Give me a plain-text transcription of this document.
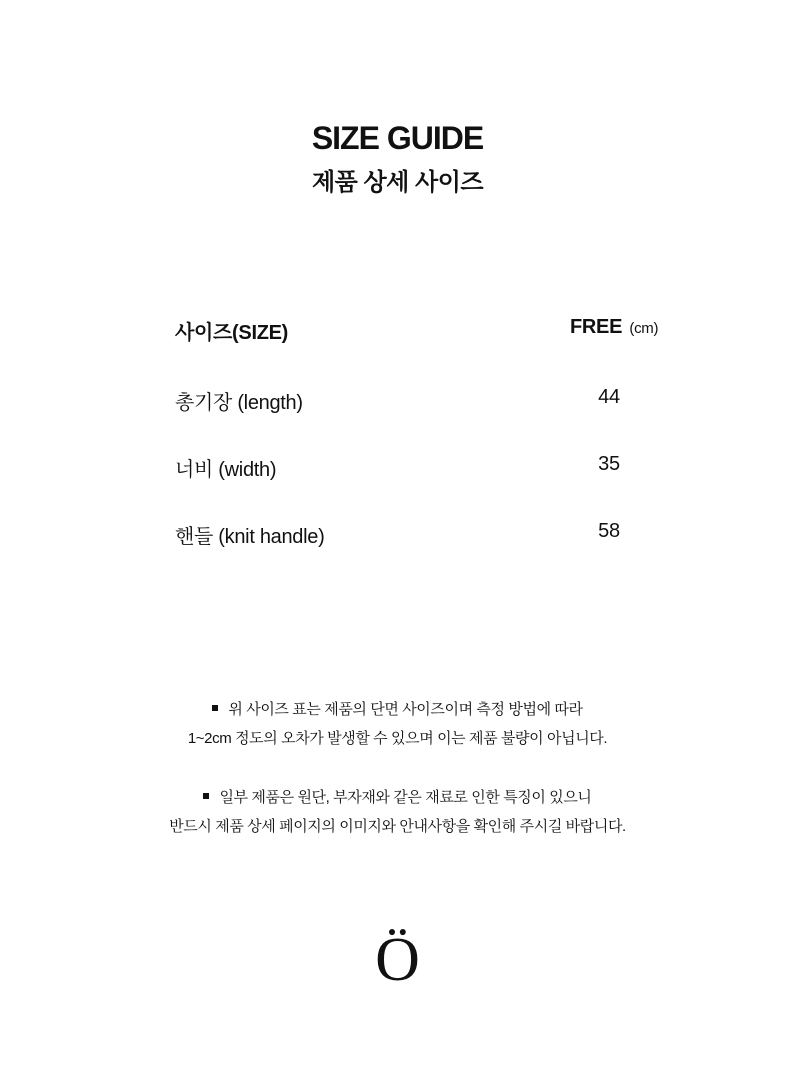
SIZE GUIDE
제품 상세 사이즈
사이즈(SIZE)	FREE (cm)
총기장 (length)	44
너비 (width)	35
핸들 (knit handle)	58

위 사이즈 표는 제품의 단면 사이즈이며 측정 방법에 따라

1~2cm 정도의 오차가 발생할 수 있으며 이는 제품 불량이 아닙니다.

일부 제품은 원단, 부자재와 같은 재료로 인한 특징이 있으니

반드시 제품 상세 페이지의 이미지와 안내사항을 확인해 주시길 바랍니다.

Ö
